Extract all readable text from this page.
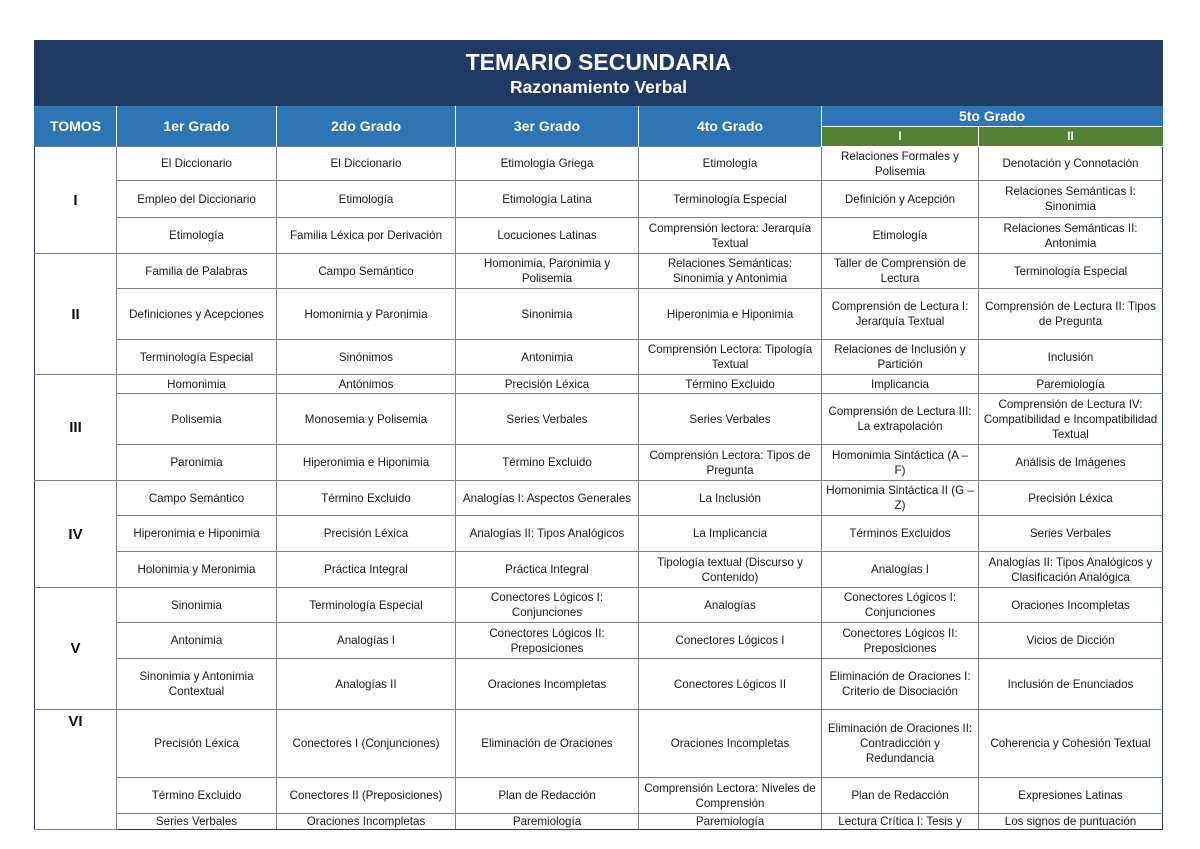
TEMARIO SECUNDARIA
Razonamiento Verbal						

TOMOS	1er Grado	2do Grado	3er Grado	4to Grado	5to Grado	
					I	II
I	El Diccionario	El Diccionario	Etimología Griega	Etimología	Relaciones Formales y Polisemia	Denotación y Connotación
	Empleo del Diccionario	Etimología	Etimología Latina	Terminología Especial	Definición y Acepción	Relaciones Semánticas I: Sinonimia
	Etimología	Familia Léxica por Derivación	Locuciones Latinas	Comprensión lectora: Jerarquía Textual	Etimología	Relaciones Semánticas II: Antonimia
II	Familia de Palabras	Campo Semántico	Homonimia, Paronimia y Polisemia	Relaciones Semánticas: Sinonimia y Antonimia	Taller de Comprensión de Lectura	Terminología Especial
	Definiciones y Acepciones	Homonimia y Paronimia	Sinonimia	Hiperonimia e Hiponimia	Comprensión de Lectura I: Jerarquía Textual	Comprensión de Lectura II: Tipos de Pregunta
	Terminología Especial	Sinónimos	Antonimia	Comprensión Lectora: Tipología Textual	Relaciones de Inclusión y Partición	Inclusión
III	Homonimia	Antónimos	Precisión Léxica	Término Excluido	Implicancia	Paremiología
	Polisemia	Monosemia y Polisemia	Series Verbales	Series Verbales	Comprensión de Lectura III: La extrapolación	Comprensión de Lectura IV: Compatibilidad e Incompatibilidad Textual
	Paronimia	Hiperonimia e Hiponimia	Término Excluido	Comprensión Lectora: Tipos de Pregunta	Homonimia Sintáctica (A – F)	Análisis de Imágenes
IV	Campo Semántico	Término Excluido	Analogías I: Aspectos Generales	La Inclusión	Homonimia Sintáctica II (G – Z)	Precisión Léxica
	Hiperonimia e Hiponimia	Precisión Léxica	Analogías II: Tipos Analógicos	La Implicancia	Términos Excluidos	Series Verbales
	Holonimia y Meronimia	Práctica Integral	Práctica Integral	Tipología textual (Discurso y Contenido)	Analogías I	Analogías II: Tipos Analógicos y Clasificación Analógica
V	Sinonimia	Terminología Especial	Conectores Lógicos I: Conjunciones	Analogías	Conectores Lógicos I: Conjunciones	Oraciones Incompletas
	Antonimia	Analogías I	Conectores Lógicos II: Preposiciones	Conectores Lógicos I	Conectores Lógicos II: Preposiciones	Vicios de Dicción
	Sinonimia y Antonimia Contextual	Analogías II	Oraciones Incompletas	Conectores Lógicos II	Eliminación de Oraciones I: Criterio de Disociación	Inclusión de Enunciados
VI	Precisión Léxica	Conectores I (Conjunciones)	Eliminación de Oraciones	Oraciones Incompletas	Eliminación de Oraciones II: Contradicción y Redundancia	Coherencia y Cohesión Textual
	Término Excluido	Conectores II (Preposiciones)	Plan de Redacción	Comprensión Lectora: Niveles de Comprensión	Plan de Redacción	Expresiones Latinas
	Series Verbales	Oraciones Incompletas	Paremiología	Paremiología	Lectura Crítica I: Tesis y	Los signos de puntuación
